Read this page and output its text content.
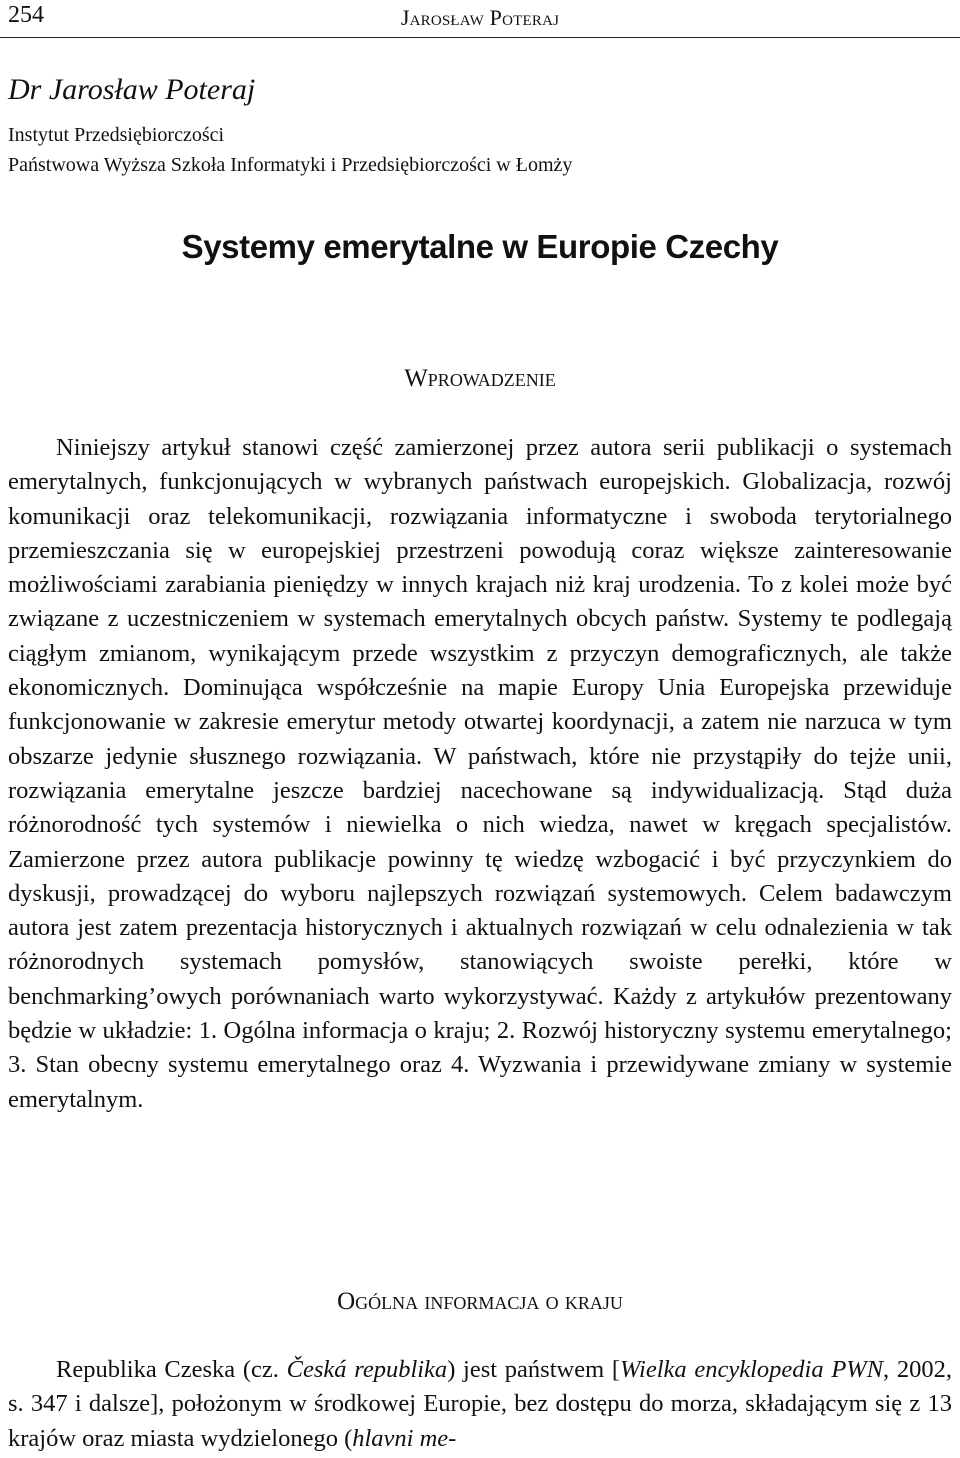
254	Jarosław Poteraj
Dr Jarosław Poteraj
Instytut Przedsiębiorczości
Państwowa Wyższa Szkoła Informatyki i Przedsiębiorczości w Łomży
Systemy emerytalne w Europie Czechy
Wprowadzenie

Niniejszy artykuł stanowi część zamierzonej przez autora serii publikacji o systemach emerytalnych, funkcjonujących w wybranych państwach europejskich. Globalizacja, rozwój komunikacji oraz telekomunikacji, rozwiązania informatyczne i swoboda terytorialnego przemieszczania się w europejskiej przestrzeni powodują coraz większe zainteresowanie możliwościami zarabiania pieniędzy w innych krajach niż kraj urodzenia. To z kolei może być związane z uczestniczeniem w systemach emerytalnych obcych państw. Systemy te podlegają ciągłym zmianom, wynikającym przede wszystkim z przyczyn demograficznych, ale także ekonomicznych. Dominująca współcześnie na mapie Europy Unia Europejska przewiduje funkcjonowanie w zakresie emerytur metody otwartej koordynacji, a zatem nie narzuca w tym obszarze jedynie słusznego rozwiązania. W państwach, które nie przystąpiły do tejże unii, rozwiązania emerytalne jeszcze bardziej nacechowane są indywidualizacją. Stąd duża różnorodność tych systemów i niewielka o nich wiedza, nawet w kręgach specjalistów. Zamierzone przez autora publikacje powinny tę wiedzę wzbogacić i być przyczynkiem do dyskusji, prowadzącej do wyboru najlepszych rozwiązań systemowych. Celem badawczym autora jest zatem prezentacja historycznych i aktualnych rozwiązań w celu odnalezienia w tak różnorodnych systemach pomysłów, stanowiących swoiste perełki, które w benchmarking’owych porównaniach warto wykorzystywać. Każdy z artykułów prezentowany będzie w układzie: 1. Ogólna informacja o kraju; 2. Rozwój historyczny systemu emerytalnego; 3. Stan obecny systemu emerytalnego oraz 4. Wyzwania i przewidywane zmiany w systemie emerytalnym.

Ogólna informacja o kraju

Republika Czeska (cz. Česká republika) jest państwem [Wielka encyklopedia PWN, 2002, s. 347 i dalsze], położonym w środkowej Europie, bez dostępu do morza, składającym się z 13 krajów oraz miasta wydzielonego (hlavni me-
